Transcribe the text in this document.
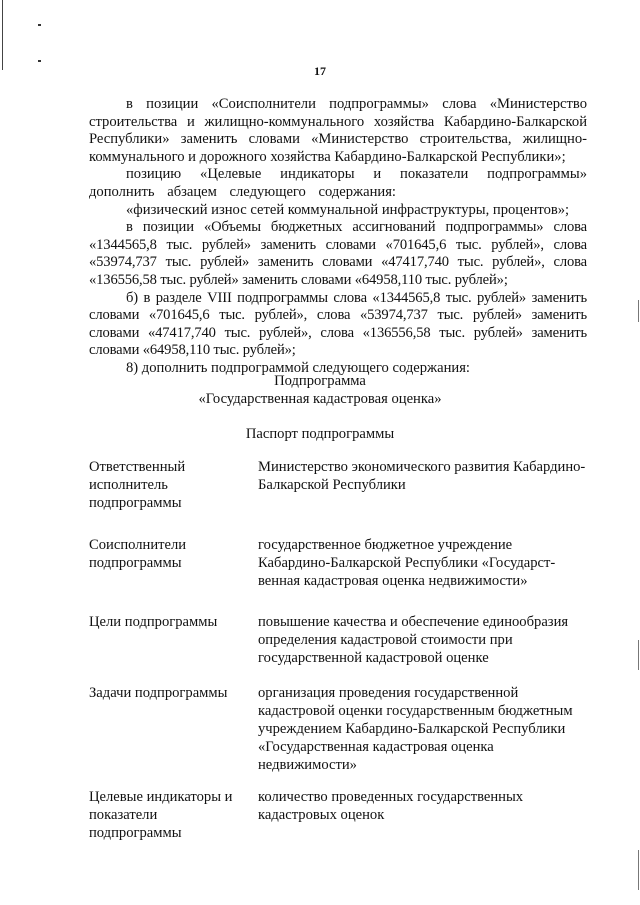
17

в позиции «Соисполнители подпрограммы» слова «Министерство строительства и жилищно-коммунального хозяйства Кабардино-Балкарской Республики» заменить словами «Министерство строительства, жилищно-коммунального и дорожного хозяйства Кабардино-Балкарской Республики»;

позицию «Целевые индикаторы и показатели подпрограммы» дополнить абзацем следующего содержания:

«физический износ сетей коммунальной инфраструктуры, процентов»;

в позиции «Объемы бюджетных ассигнований подпрограммы» слова «1344565,8 тыс. рублей» заменить словами «701645,6 тыс. рублей», слова «53974,737 тыс. рублей» заменить словами «47417,740 тыс. рублей», слова «136556,58 тыс. рублей» заменить словами «64958,110 тыс. рублей»;

б) в разделе VIII подпрограммы слова «1344565,8 тыс. рублей» заменить словами «701645,6 тыс. рублей», слова «53974,737 тыс. рублей» заменить словами «47417,740 тыс. рублей», слова «136556,58 тыс. рублей» заменить словами «64958,110 тыс. рублей»;

8) дополнить подпрограммой следующего содержания:

Подпрограмма
«Государственная кадастровая оценка»
Паспорт подпрограммы
Ответственный исполнитель подпрограммы
Министерство экономического развития Кабардино-Балкарской Республики
Соисполнители подпрограммы
государственное бюджетное учреждение Кабардино-Балкарской Республики «Государст-венная кадастровая оценка недвижимости»
Цели подпрограммы	повышение качества и обеспечение единообразия определения кадастровой стоимости при государственной кадастровой оценке
Задачи подпрограммы	организация проведения государственной кадастровой оценки государственным бюджетным учреждением Кабардино-Балкарской Республики «Государственная кадастровая оценка недвижимости»
Целевые индикаторы и показатели подпрограммы
количество проведенных государственных кадастровых оценок
